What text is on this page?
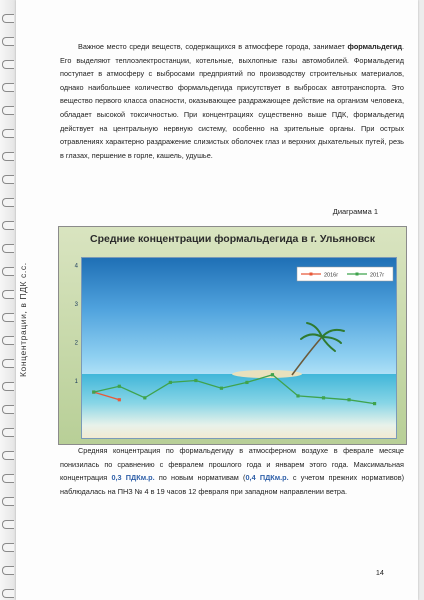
Важное место среди веществ, содержащихся в атмосфере города, занимает формальдегид. Его выделяют теплоэлектростанции, котельные, выхлопные газы автомобилей. Формальдегид поступает в атмосферу с выбросами предприятий по производству строительных материалов, однако наибольшее количество формальдегида присутствует в выбросах автотранспорта. Это вещество первого класса опасности, оказывающее раздражающее действие на организм человека, обладает высокой токсичностью. При концентрациях существенно выше ПДК, формальдегид действует на центральную нервную систему, особенно на зрительные органы. При острых отравлениях характерно раздражение слизистых оболочек глаз и верхних дыхательных путей, резь в глазах, першение в горле, кашель, удушье.

Диаграмма 1
Средние концентрации формальдегида в г. Ульяновск
1
2
3
4
2016г	2017г
Концентрации, в ПДК с.с.

Средняя концентрация по формальдегиду в атмосферном воздухе в феврале месяце понизилась по сравнению с февралем прошлого года и январем этого года. Максимальная концентрация 0,3 ПДКм.р. по новым нормативам (0,4 ПДКм.р. с учетом прежних нормативов) наблюдалась на ПНЗ № 4 в 19 часов 12 февраля при западном направлении ветра.

14
